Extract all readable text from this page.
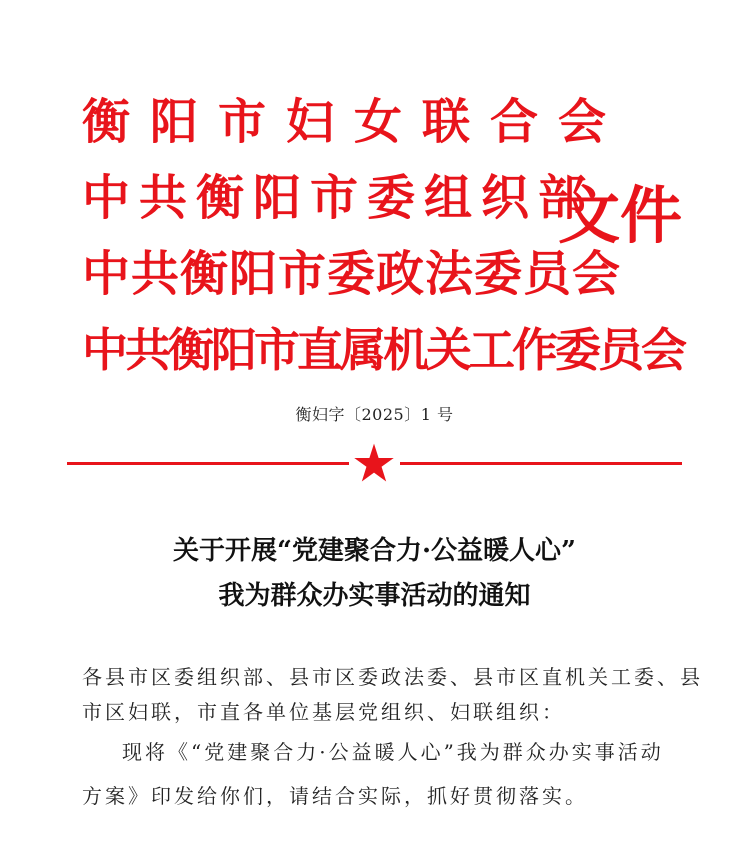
衡阳市妇女联合会
中共衡阳市委组织部
中共衡阳市委政法委员会
中共衡阳市直属机关工作委员会
文件
衡妇字〔2025〕1 号
关于开展“党建聚合力·公益暖人心”
我为群众办实事活动的通知
各县市区委组织部、县市区委政法委、县市区直机关工委、县
市区妇联，市直各单位基层党组织、妇联组织：
现将《“党建聚合力·公益暖人心”我为群众办实事活动
方案》印发给你们，请结合实际，抓好贯彻落实。
